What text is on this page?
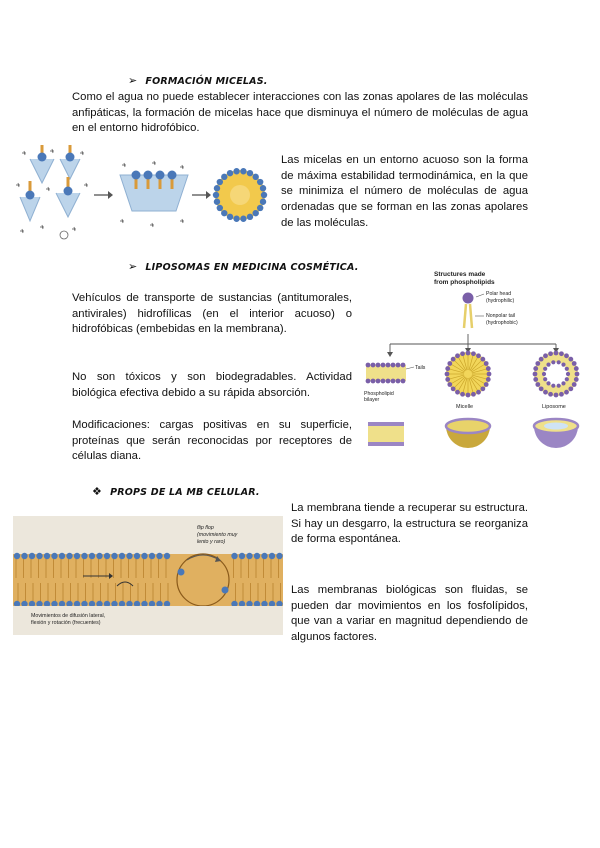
➢ FORMACIÓN MICELAS.

Como el agua no puede establecer interacciones con las zonas apolares de las moléculas anfipáticas, la formación de micelas hace que disminuya el número de moléculas de agua en el entorno hidrofóbico.

Las micelas en un entorno acuoso son la forma de máxima estabilidad termodinámica, en la que se minimiza el número de moléculas de agua ordenadas que se forman en las zonas apolares de las moléculas.

➢ LIPOSOMAS EN MEDICINA COSMÉTICA.

Vehículos de transporte de sustancias (antitumorales, antivirales) hidrofílicas (en el interior acuoso) o hidrofóbicas (embebidas en la membrana).

No son tóxicos y son biodegradables. Actividad biológica efectiva debido a su rápida absorción.

Modificaciones: cargas positivas en su superficie, proteínas que serán reconocidas por receptores de células diana.

Structures made
from phospholipids
Polar head
(hydrophilic)
Nonpolar tail
(hydrophobic)
Tails
Phospholipid
bilayer
Micelle	Liposome
❖ PROPS DE LA MB CELULAR.
flip flop
(movimiento muy
lento y raro)
Movimientos de difusión lateral,
flexión y rotación (frecuentes)

La membrana tiende a recuperar su estructura. Si hay un desgarro, la estructura se reorganiza de forma espontánea.

Las membranas biológicas son fluidas, se pueden dar movimientos en los fosfolípidos, que van a variar en magnitud dependiendo de algunos factores.
